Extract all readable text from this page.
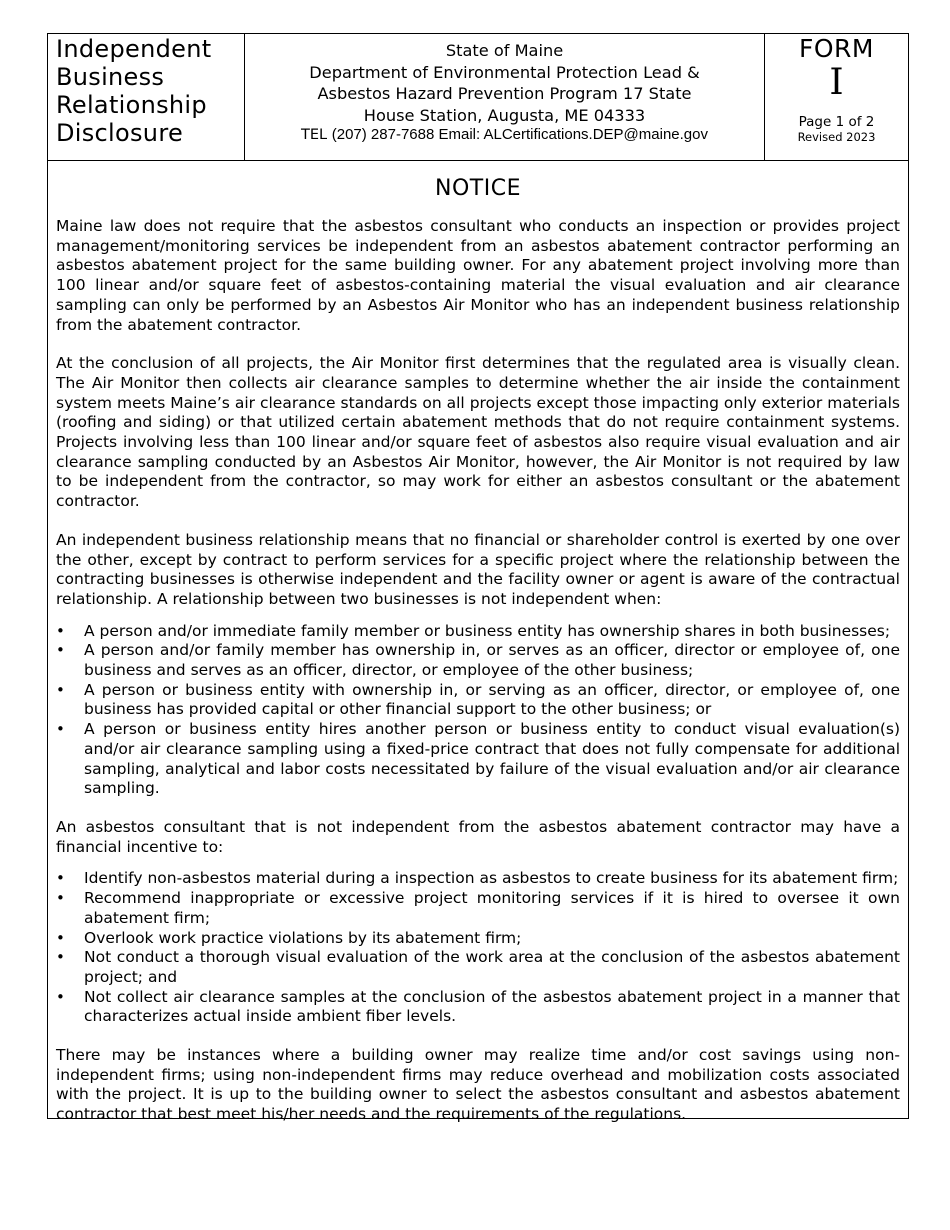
Independent
Business
Relationship
Disclosure
State of Maine
Department of Environmental Protection Lead &
Asbestos Hazard Prevention Program 17 State
House Station, Augusta, ME 04333
TEL (207) 287-7688 Email: ALCertifications.DEP@maine.gov
FORM
I
Page 1 of 2
Revised 2023
NOTICE

Maine law does not require that the asbestos consultant who conducts an inspection or provides project management/monitoring services be independent from an asbestos abatement contractor performing an asbestos abatement project for the same building owner. For any abatement project involving more than 100 linear and/or square feet of asbestos-containing material the visual evaluation and air clearance sampling can only be performed by an Asbestos Air Monitor who has an independent business relationship from the abatement contractor.

At the conclusion of all projects, the Air Monitor first determines that the regulated area is visually clean. The Air Monitor then collects air clearance samples to determine whether the air inside the containment system meets Maine’s air clearance standards on all projects except those impacting only exterior materials (roofing and siding) or that utilized certain abatement methods that do not require containment systems. Projects involving less than 100 linear and/or square feet of asbestos also require visual evaluation and air clearance sampling conducted by an Asbestos Air Monitor, however, the Air Monitor is not required by law to be independent from the contractor, so may work for either an asbestos consultant or the abatement contractor.

An independent business relationship means that no financial or shareholder control is exerted by one over the other, except by contract to perform services for a specific project where the relationship between the contracting businesses is otherwise independent and the facility owner or agent is aware of the contractual relationship. A relationship between two businesses is not independent when:

• A person and/or immediate family member or business entity has ownership shares in both businesses;
• A person and/or family member has ownership in, or serves as an officer, director or employee of, one business and serves as an officer, director, or employee of the other business;
• A person or business entity with ownership in, or serving as an officer, director, or employee of, one business has provided capital or other financial support to the other business; or
• A person or business entity hires another person or business entity to conduct visual evaluation(s) and/or air clearance sampling using a fixed-price contract that does not fully compensate for additional sampling, analytical and labor costs necessitated by failure of the visual evaluation and/or air clearance sampling.

An asbestos consultant that is not independent from the asbestos abatement contractor may have a financial incentive to:

• Identify non-asbestos material during a inspection as asbestos to create business for its abatement firm;
• Recommend inappropriate or excessive project monitoring services if it is hired to oversee it own abatement firm;
• Overlook work practice violations by its abatement firm;
• Not conduct a thorough visual evaluation of the work area at the conclusion of the asbestos abatement project; and
• Not collect air clearance samples at the conclusion of the asbestos abatement project in a manner that characterizes actual inside ambient fiber levels.

There may be instances where a building owner may realize time and/or cost savings using non-independent firms; using non-independent firms may reduce overhead and mobilization costs associated with the project. It is up to the building owner to select the asbestos consultant and asbestos abatement contractor that best meet his/her needs and the requirements of the regulations.
